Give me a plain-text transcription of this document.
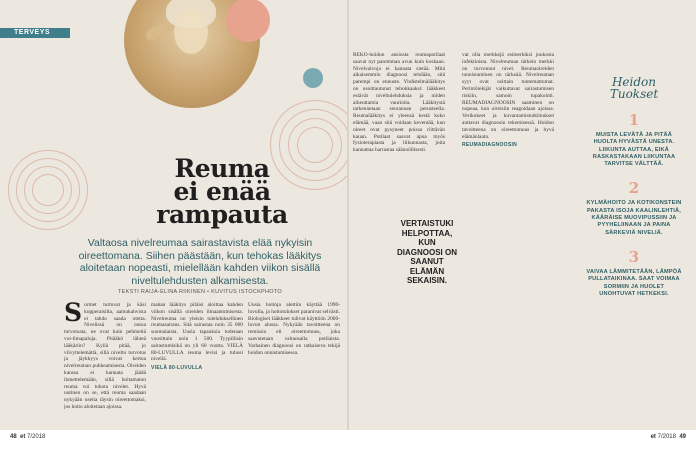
TERVEYS
Reuma
ei enää
rampauta

Valtaosa nivelreumaa sairastavista elää nykyisin oireettomana. Siihen päästään, kun tehokas lääkitys aloitetaan nopeasti, mielellään kahden viikon sisällä niveltulehdusten alkamisesta.

TEKSTI RAIJA-ELINA RIIKINEN • KUVITUS ISTOCKPHOTO

S ormet turtuvat ja käsi kopperaisilta, aamukahvista ei tahdo saada otetta. Nivelissä on outoa turvotusta, ne ovat kuin pehmeitä voi-limapaloja. Pitääkö lähteä lääkäriin? Kyllä pitää, jo viivyttelemättä, sillä niveltu turvotus ja jäykkyys voivat kertoa nivelreuman puhkeamisesta. Oireiden kanssa ei kannata jäädä ihmettelemään, sillä hoitamaton reuma voi tuhota nivelet. Hyvä uutinen on se, että reuma saadaan nykyään useita täysin oireettomaksi, jos hoito aloitetaan ajoissa.

mahan lääkitys pitäisi aloittaa kahden viikon sisällä oireiden ilmaantumisesta. Nivelreuma on yleisin tulehduksellinen reumasairaus. Sitä sairastaa noin 35 000 suomalaista. Uusia tapauksia todetaan vuosittain noin 1 500. Tyypillisin sairastumisikä on yli 60 vuotta. VIELÄ 80-LUVULLA reuma levisi ja tuhosi niveliä.

VIELÄ 80-LUVULLA

Uusia hoitoja alettiin käyttää 1990-luvulla, ja hoitotulokset paranivat selvästi. Biologiset lääkkeet tulivat käyttöön 2000-luvun alussa. Nykyään tavoitteena on remissio eli oireettomuus, joka saavutetaan valtaosalla potilaista. Varhainen diagnoosi on ratkaiseva tekijä hoidon onnistumisessa.

REKO-hoidon ansiosta reumapotilaat saavat nyt paremman avun kuin koskaan. Nivelvaivoja ei kannata sietää. Mitä aikaisemmin diagnoosi tehdään, sitä parempi on ennuste. Yhdistelmälääkitys on osoittautunut tehokkaaksi: lääkkeet estävät niveltulehduksia ja niiden aiheuttamia vaurioita. Lääkitystä tarkennetaan seurannan perusteella. Reumalääkitys ei yleensä kestä koko elämää, vaan sitä voidaan keventää, kun oireet ovat pysyneet poissa riittävän kauan. Potilaat saavat apua myös fysioterapiasta ja liikunnasta, joita kannattaa harrastaa säännöllisesti.

vat olla merkkejä esimerkiksi joukosta infektioista. Nivelreuman tärkein merkki on turvonnut nivel. Reumaoireiden tunnistaminen on tärkeää. Nivelreuman syyt ovat osittain tuntemattomat. Perintötekijät vaikuttavat sairastumisen riskiin, samoin tupakointi. REUMADIAGNOOSIN saaminen on nopeaa, kun oireisiin reagoidaan ajoissa. Verikokeet ja kuvantamistutkimukset auttavat diagnoosin tekemisessä. Hoidon tavoitteena on oireettomuus ja hyvä elämänlaatu.

REUMADIAGNOOSIN

VERTAISTUKI HELPOTTAA, KUN DIAGNOOSI ON SAANUT ELÄMÄN SEKAISIN.
Heidon
Tuokset
1
MUISTA LEVÄTÄ JA PITÄÄ HUOLTA HYVÄSTÄ UNESTA. LIIKUNTA AUTTAA, EIKÄ RASKASTAKAAN LIIKUNTAA TARVITSE VÄLTTÄÄ.
2
KYLMÄHOITO JA KOTIKONSTEIN PAKASTA ISOJA KAALINLEHTIÄ, KÄÄRÄISE MUOVIPUSSIIN JA PYYHELIINAAN JA PAINA SÄRKEVIÄ NIVELIÄ.
3
VAIVAA LÄMMITETÄÄN, LÄMPÖÄ PULLATAIKINAA. SAAT VOIMAA SORMIIN JA HUOLET UNOHTUVAT HETKEKSI.
48 et 7/2018	et 7/2018 49
